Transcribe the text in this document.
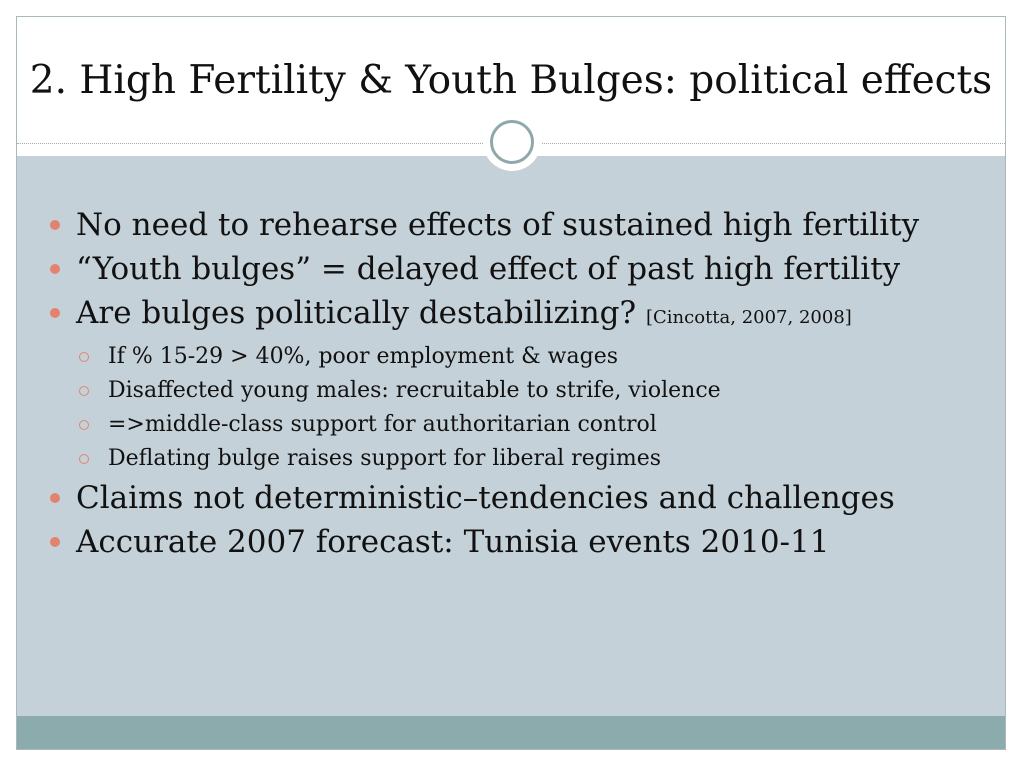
2. High Fertility & Youth Bulges: political effects
No need to rehearse effects of sustained high fertility
“Youth bulges” = delayed effect of past high fertility
Are bulges politically destabilizing? [Cincotta, 2007, 2008]
If % 15-29 > 40%, poor employment & wages
Disaffected young males: recruitable to strife, violence
=>middle-class support for authoritarian control
Deflating bulge raises support for liberal regimes
Claims not deterministic–tendencies and challenges
Accurate 2007 forecast: Tunisia events 2010-11
